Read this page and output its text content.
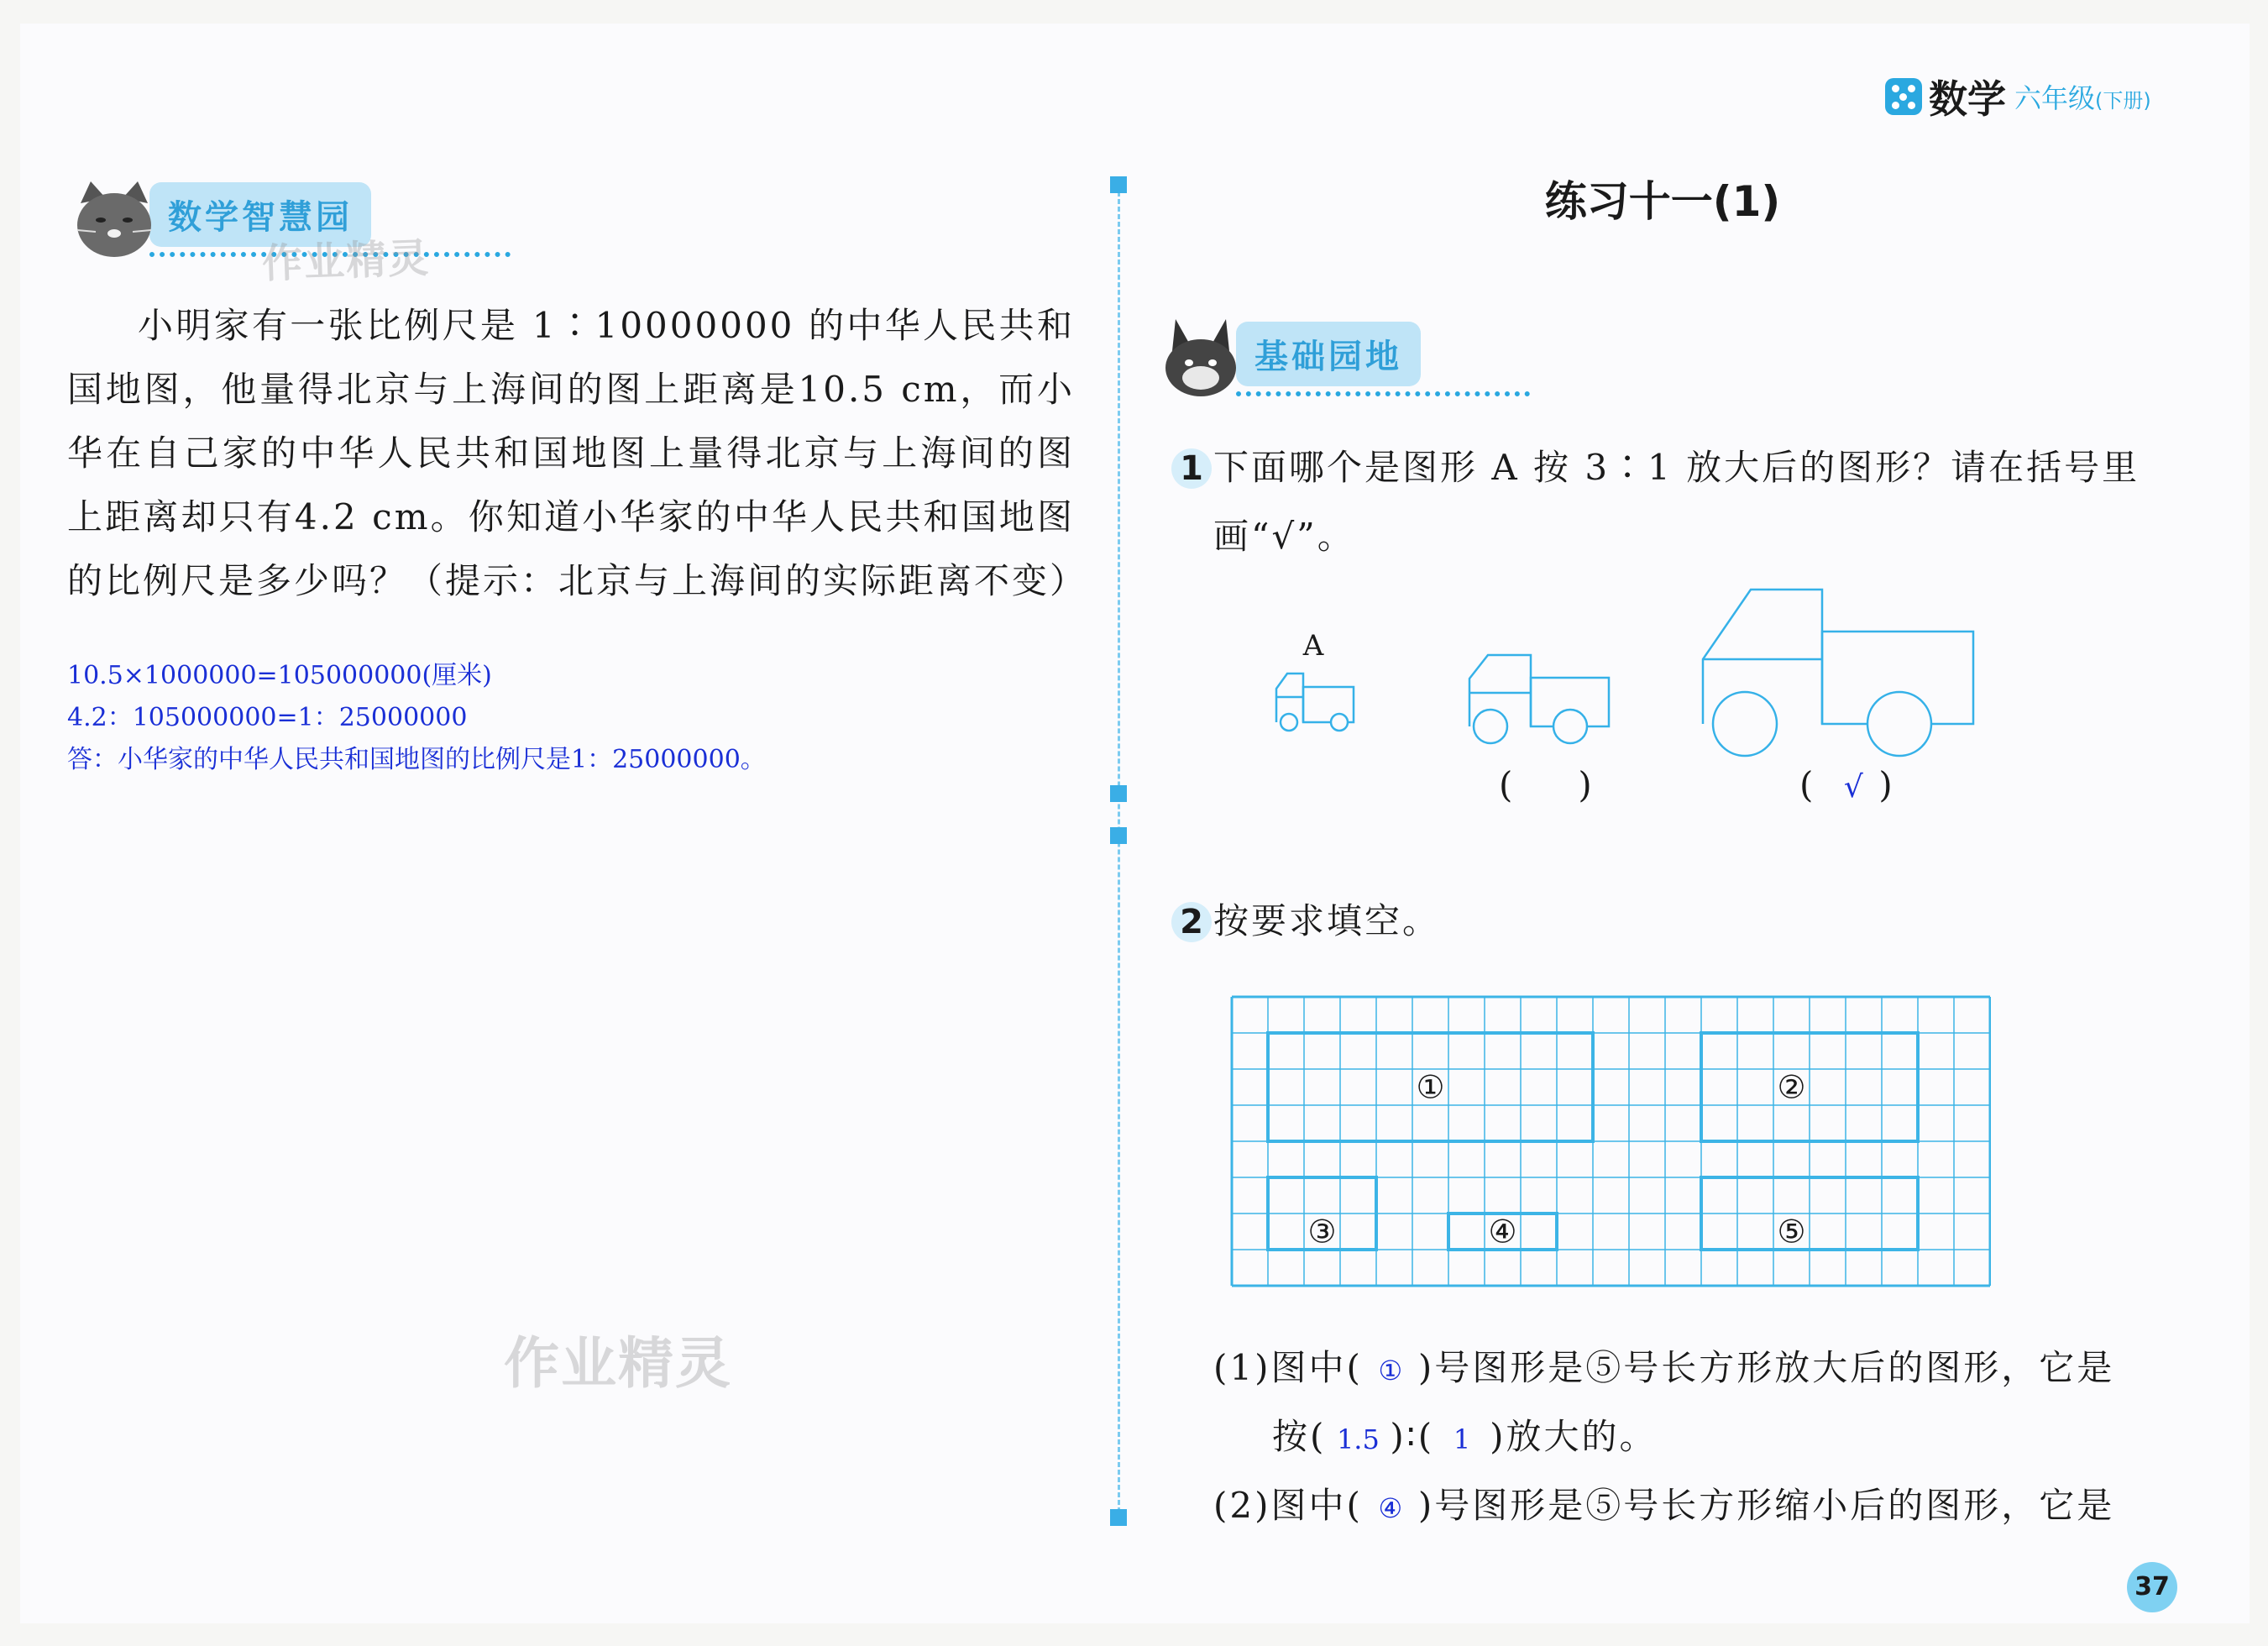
数学 六年级(下册)
数学智慧园
作业精灵

小明家有一张比例尺是 1∶10000000 的中华人民共和国地图，他量得北京与上海间的图上距离是10.5 cm，而小华在自己家的中华人民共和国地图上量得北京与上海间的图上距离却只有4.2 cm。你知道小华家的中华人民共和国地图的比例尺是多少吗？（提示：北京与上海间的实际距离不变）

10.5×1000000=105000000(厘米)
4.2：105000000=1：25000000
答：小华家的中华人民共和国地图的比例尺是1：25000000。
作业精灵
练习十一(1)
基础园地
1 下面哪个是图形 A 按 3∶1 放大后的图形？请在括号里画“√”。
A
( )	( √ )
2 按要求填空。
①	②
③	④	⑤
(1)图中( ① )号图形是⑤号长方形放大后的图形，它是
按( 1.5 )∶( 1 )放大的。
(2)图中( ④ )号图形是⑤号长方形缩小后的图形，它是
37
